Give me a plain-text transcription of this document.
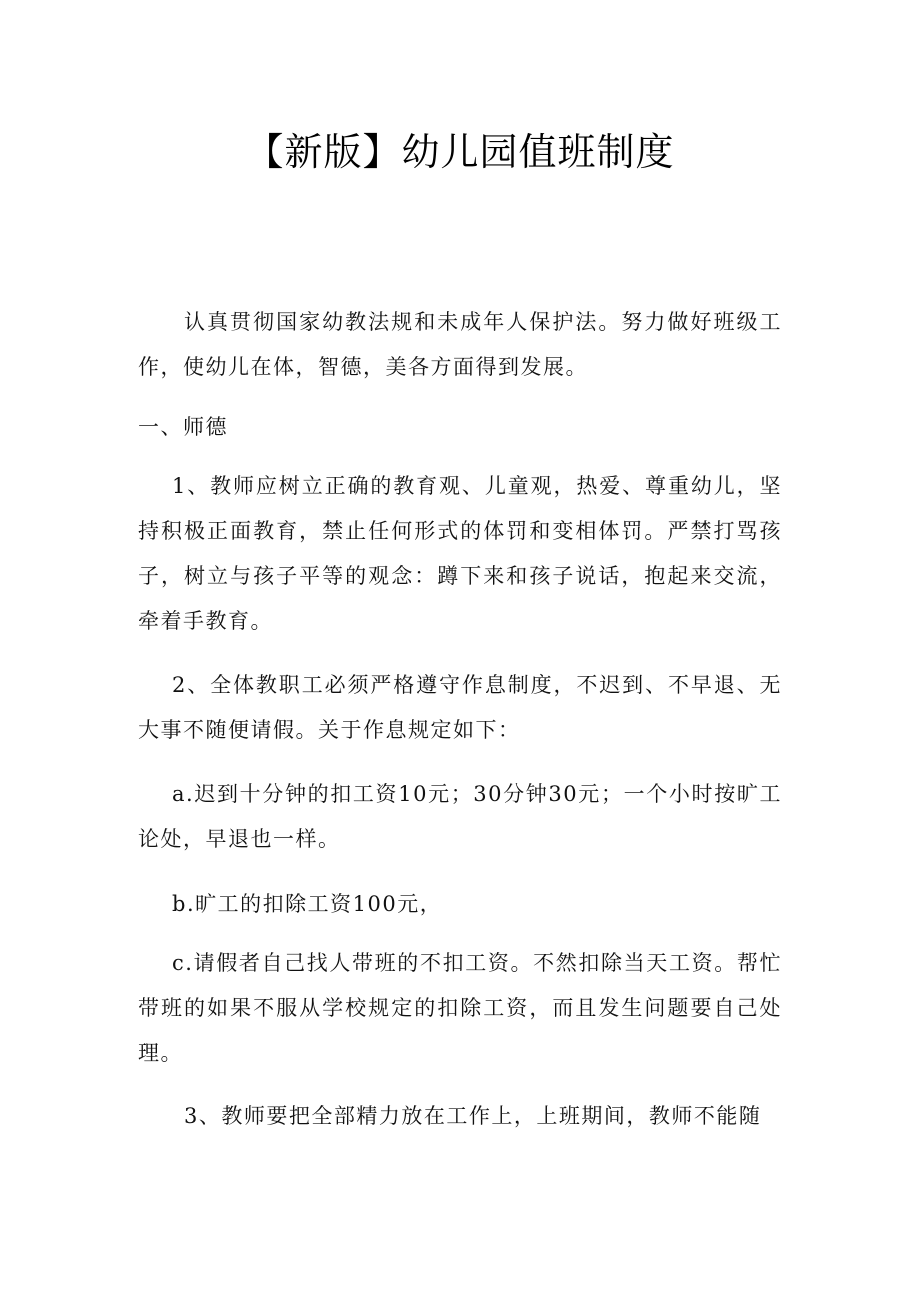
【新版】幼儿园值班制度

认真贯彻国家幼教法规和未成年人保护法。努力做好班级工作，使幼儿在体，智德，美各方面得到发展。

一、师德

1、教师应树立正确的教育观、儿童观，热爱、尊重幼儿，坚持积极正面教育，禁止任何形式的体罚和变相体罚。严禁打骂孩子，树立与孩子平等的观念：蹲下来和孩子说话，抱起来交流，牵着手教育。

2、全体教职工必须严格遵守作息制度，不迟到、不早退、无大事不随便请假。关于作息规定如下：

a.迟到十分钟的扣工资10元；30分钟30元；一个小时按旷工论处，早退也一样。

b.旷工的扣除工资100元，

c.请假者自己找人带班的不扣工资。不然扣除当天工资。帮忙带班的如果不服从学校规定的扣除工资，而且发生问题要自己处理。

3、教师要把全部精力放在工作上，上班期间，教师不能随
